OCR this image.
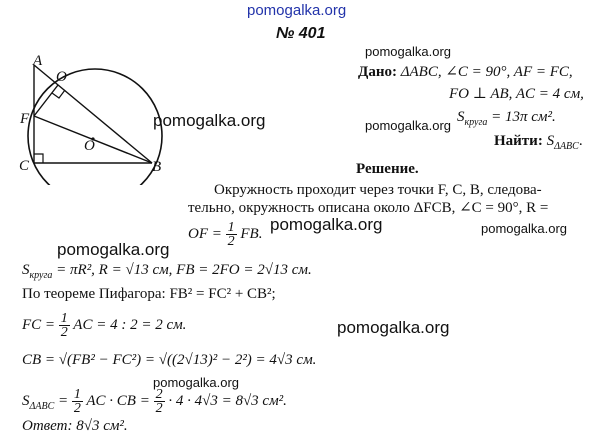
pomogalka.org
pomogalka.org
pomogalka.org
pomogalka.org
pomogalka.org	pomogalka.org
pomogalka.org
pomogalka.org
pomogalka.org
№ 401
A
O
F
O
C	B
Дано: ΔABC, ∠C = 90°, AF = FC,
FO ⊥ AB, AC = 4 см,
$S_{круга} = 13\pi$ см².
Найти: $S_{\Delta ABC}$.
Решение.
Окружность проходит через точки F, C, B, следова-
тельно, окружность описана около ΔFCB, ∠C = 90°, R =
OF = $\frac{1}{2}$ FB.
$S_{круга} = \pi R^2$, R = √13 см, FB = 2FO = 2√13 см.
По теореме Пифагора: FB² = FC² + CB²;
FC = $\frac{1}{2}$ AC = 4 : 2 = 2 см.
CB = √(FB² − FC²) = √((2√13)² − 2²) = 4√3 см.
$S_{\Delta ABC} = \frac{1}{2}$ AC · CB = $\frac{2}{2} \cdot 4 \cdot 4√3 = 8√3$ см².
Ответ: 8√3 см².
